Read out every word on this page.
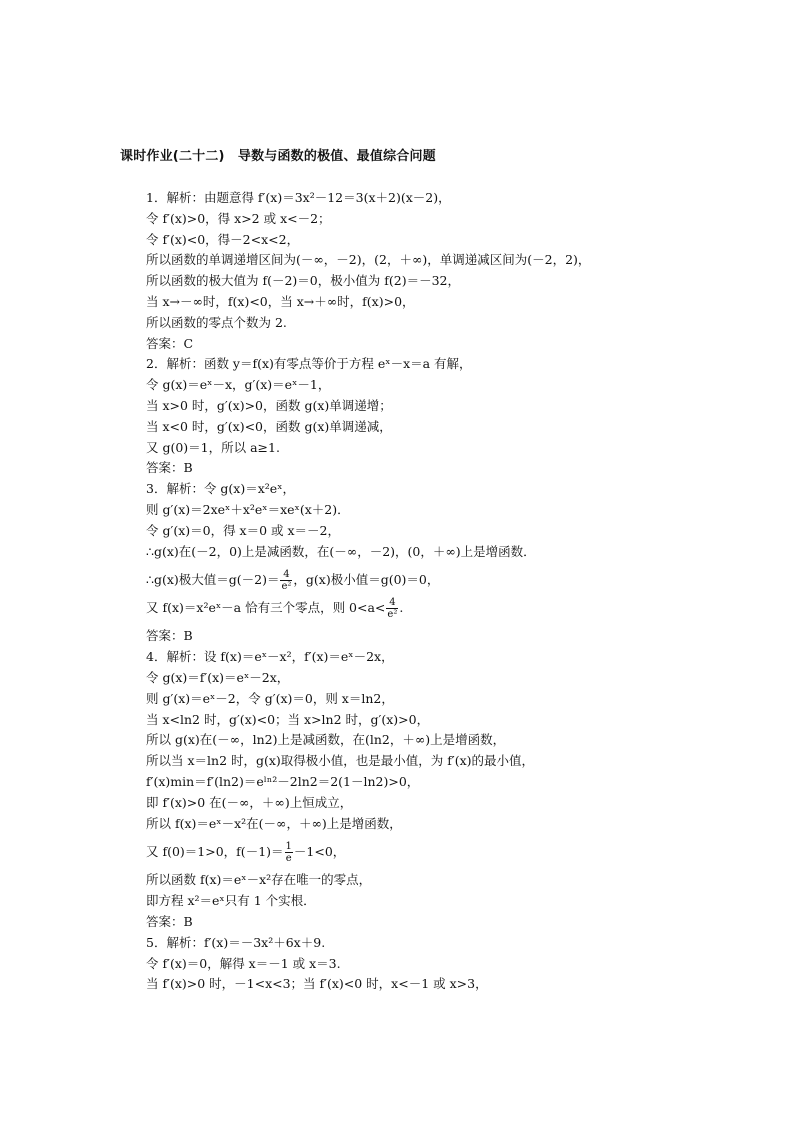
课时作业(二十二)　导数与函数的极值、最值综合问题
1．解析：由题意得 f′(x)＝3x²－12＝3(x＋2)(x－2)，
令 f′(x)>0，得 x>2 或 x<－2；
令 f′(x)<0，得－2<x<2，
所以函数的单调递增区间为(－∞，－2)，(2，＋∞)，单调递减区间为(－2，2)，
所以函数的极大值为 f(－2)＝0，极小值为 f(2)＝－32，
当 x→－∞时，f(x)<0，当 x→＋∞时，f(x)>0，
所以函数的零点个数为 2.
答案：C
2．解析：函数 y＝f(x)有零点等价于方程 eˣ－x＝a 有解，
令 g(x)＝eˣ－x，g′(x)＝eˣ－1，
当 x>0 时，g′(x)>0，函数 g(x)单调递增；
当 x<0 时，g′(x)<0，函数 g(x)单调递减，
又 g(0)＝1，所以 a≥1.
答案：B
3．解析：令 g(x)＝x²eˣ，
则 g′(x)＝2xeˣ＋x²eˣ＝xeˣ(x＋2)．
令 g′(x)＝0，得 x＝0 或 x＝－2，
∴g(x)在(－2，0)上是减函数，在(－∞，－2)，(0，＋∞)上是增函数．
∴g(x)极大值$=g(-2)= \frac{4}{\text{e²}}$ ，g(x)极小值＝g(0)＝0，
又 f(x)＝x²eˣ－a 恰有三个零点，则 $0<a< \frac{4}{\text{e²}}$ .
答案：B
4．解析：设 f(x)＝eˣ－x²，f′(x)＝eˣ－2x，
令 g(x)＝f′(x)＝eˣ－2x，
则 g′(x)＝eˣ－2，令 g′(x)＝0，则 x＝ln2，
当 x<ln2 时，g′(x)<0；当 x>ln2 时，g′(x)>0，
所以 g(x)在(－∞，ln2)上是减函数，在(ln2，＋∞)上是增函数，
所以当 x＝ln2 时，g(x)取得极小值，也是最小值，为 f′(x)的最小值，
f′(x)min＝f′(ln2)＝eˡⁿ²－2ln2＝2(1－ln2)>0，
即 f′(x)>0 在(－∞，＋∞)上恒成立，
所以 f(x)＝eˣ－x²在(－∞，＋∞)上是增函数，
又 f(0)＝1>0，$f(-1)= \frac{1}{e} -1<0$，
所以函数 f(x)＝eˣ－x²存在唯一的零点，
即方程 x²＝eˣ只有 1 个实根．
答案：B
5．解析：f′(x)＝－3x²＋6x＋9.
令 f′(x)＝0，解得 x＝－1 或 x＝3.
当 f′(x)>0 时，－1<x<3；当 f′(x)<0 时，x<－1 或 x>3，
